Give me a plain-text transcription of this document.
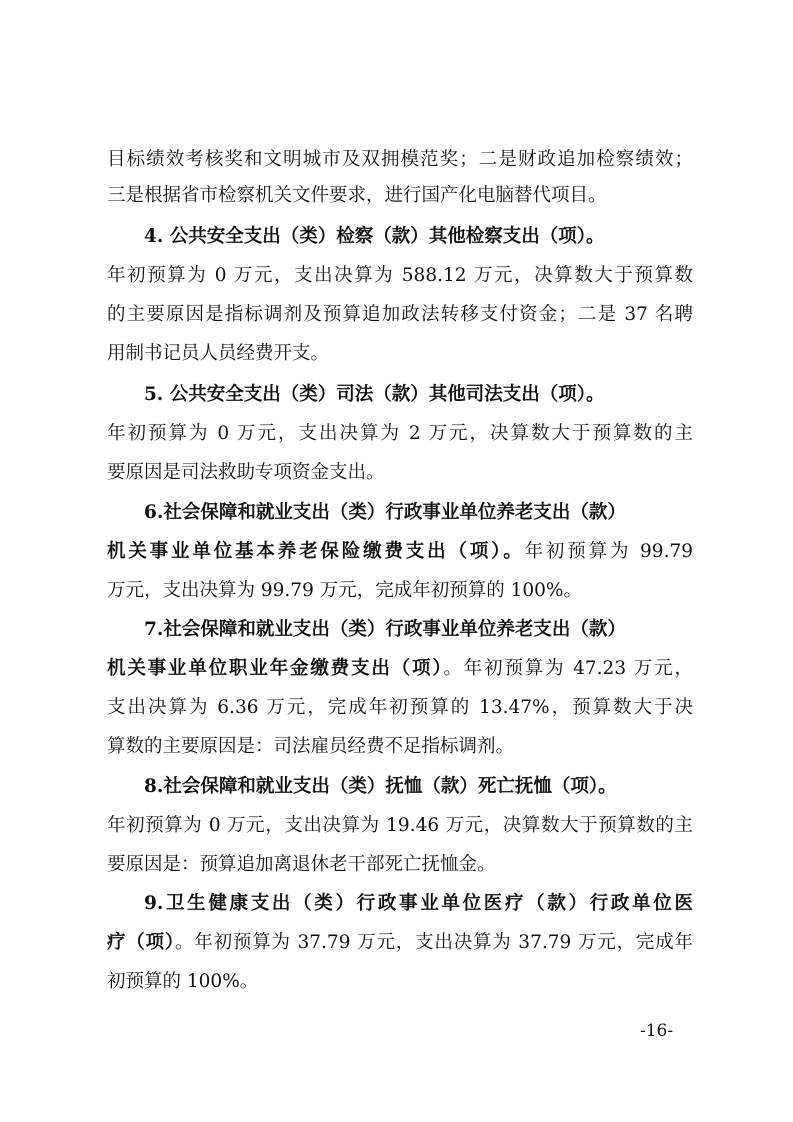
目标绩效考核奖和文明城市及双拥模范奖；二是财政追加检察绩效；
三是根据省市检察机关文件要求，进行国产化电脑替代项目。
4. 公共安全支出（类）检察（款）其他检察支出（项）。
年初预算为 0 万元，支出决算为 588.12 万元，决算数大于预算数
的主要原因是指标调剂及预算追加政法转移支付资金；二是 37 名聘
用制书记员人员经费开支。
5. 公共安全支出（类）司法（款）其他司法支出（项）。
年初预算为 0 万元，支出决算为 2 万元，决算数大于预算数的主
要原因是司法救助专项资金支出。
6.社会保障和就业支出（类）行政事业单位养老支出（款）
机关事业单位基本养老保险缴费支出（项）。年初预算为 99.79
万元，支出决算为 99.79 万元，完成年初预算的 100%。
7.社会保障和就业支出（类）行政事业单位养老支出（款）
机关事业单位职业年金缴费支出（项）。年初预算为 47.23 万元，
支出决算为 6.36 万元，完成年初预算的 13.47%，预算数大于决
算数的主要原因是：司法雇员经费不足指标调剂。
8.社会保障和就业支出（类）抚恤（款）死亡抚恤（项）。
年初预算为 0 万元，支出决算为 19.46 万元，决算数大于预算数的主
要原因是：预算追加离退休老干部死亡抚恤金。
9.卫生健康支出（类）行政事业单位医疗（款）行政单位医
疗（项）。年初预算为 37.79 万元，支出决算为 37.79 万元，完成年
初预算的 100%。
-16-
